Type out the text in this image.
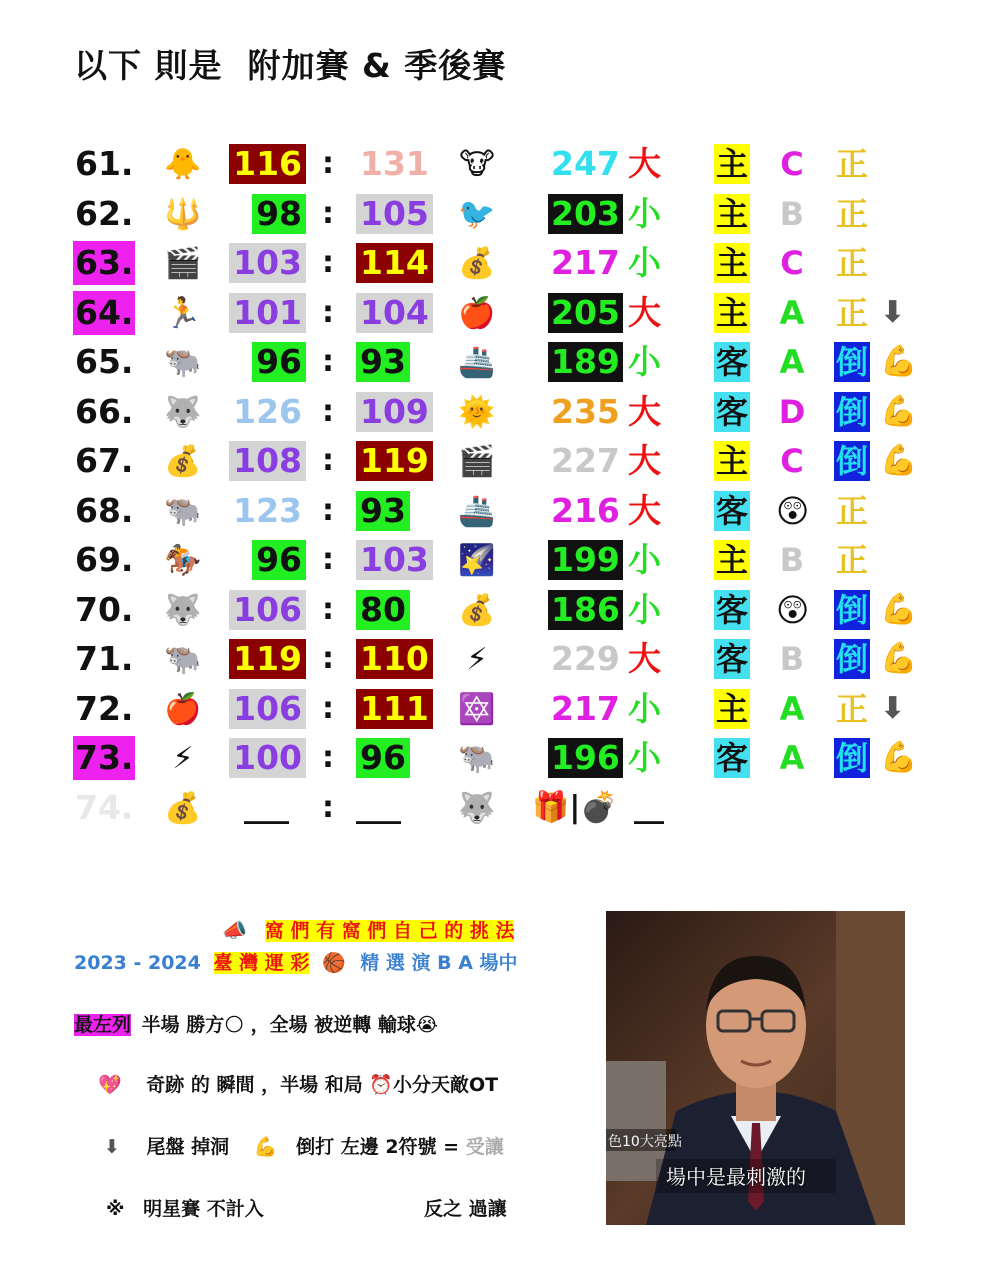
以下 則是  附加賽 & 季後賽
61. 🐥 116 : 131 🐮 247 大 主 C 正
62. 🔱 98 : 105 🐦 203 小 主 B 正
63. 🎬 103 : 114 💰 217 小 主 C 正
64. 🏃 101 : 104 🍎 205 大 主 A 正 ⬇
65. 🐃 96 : 93 🚢 189 小 客 A 倒 💪
66. 🐺 126 : 109 🌞 235 大 客 D 倒 💪
67. 💰 108 : 119 🎬 227 大 主 C 倒 💪
68. 🐃 123 : 93 🚢 216 大 客 😲 正
69. 🏇 96 : 103 🌠 199 小 主 B 正
70. 🐺 106 : 80 💰 186 小 客 😲 倒 💪
71. 🐃 119 : 110	⚡	229 大 客 B 倒 💪
72. 🍎 106 : 111 🔯 217 小 主 A 正 ⬇
73.	⚡	100 : 96 🐃 196 小 客 A 倒 💪
74. 💰 ___ : ___ 🐺 🎁|💣 __
📣 窩 們 有 窩 們 自 己 的 挑 法
2023 - 2024 臺 灣 運 彩 🏀 精 選 演 B A 場中
最左列 半場 勝方🌕 ，全場 被逆轉 輸球😭
💖 奇跡 的 瞬間 ，半場 和局 ⏰小分天敵OT
⬇ 尾盤 掉洞 💪 倒打 左邊 2符號 = 受讓
※ 明星賽 不計入	反之 過讓
色10大亮點
場中是最刺激的
